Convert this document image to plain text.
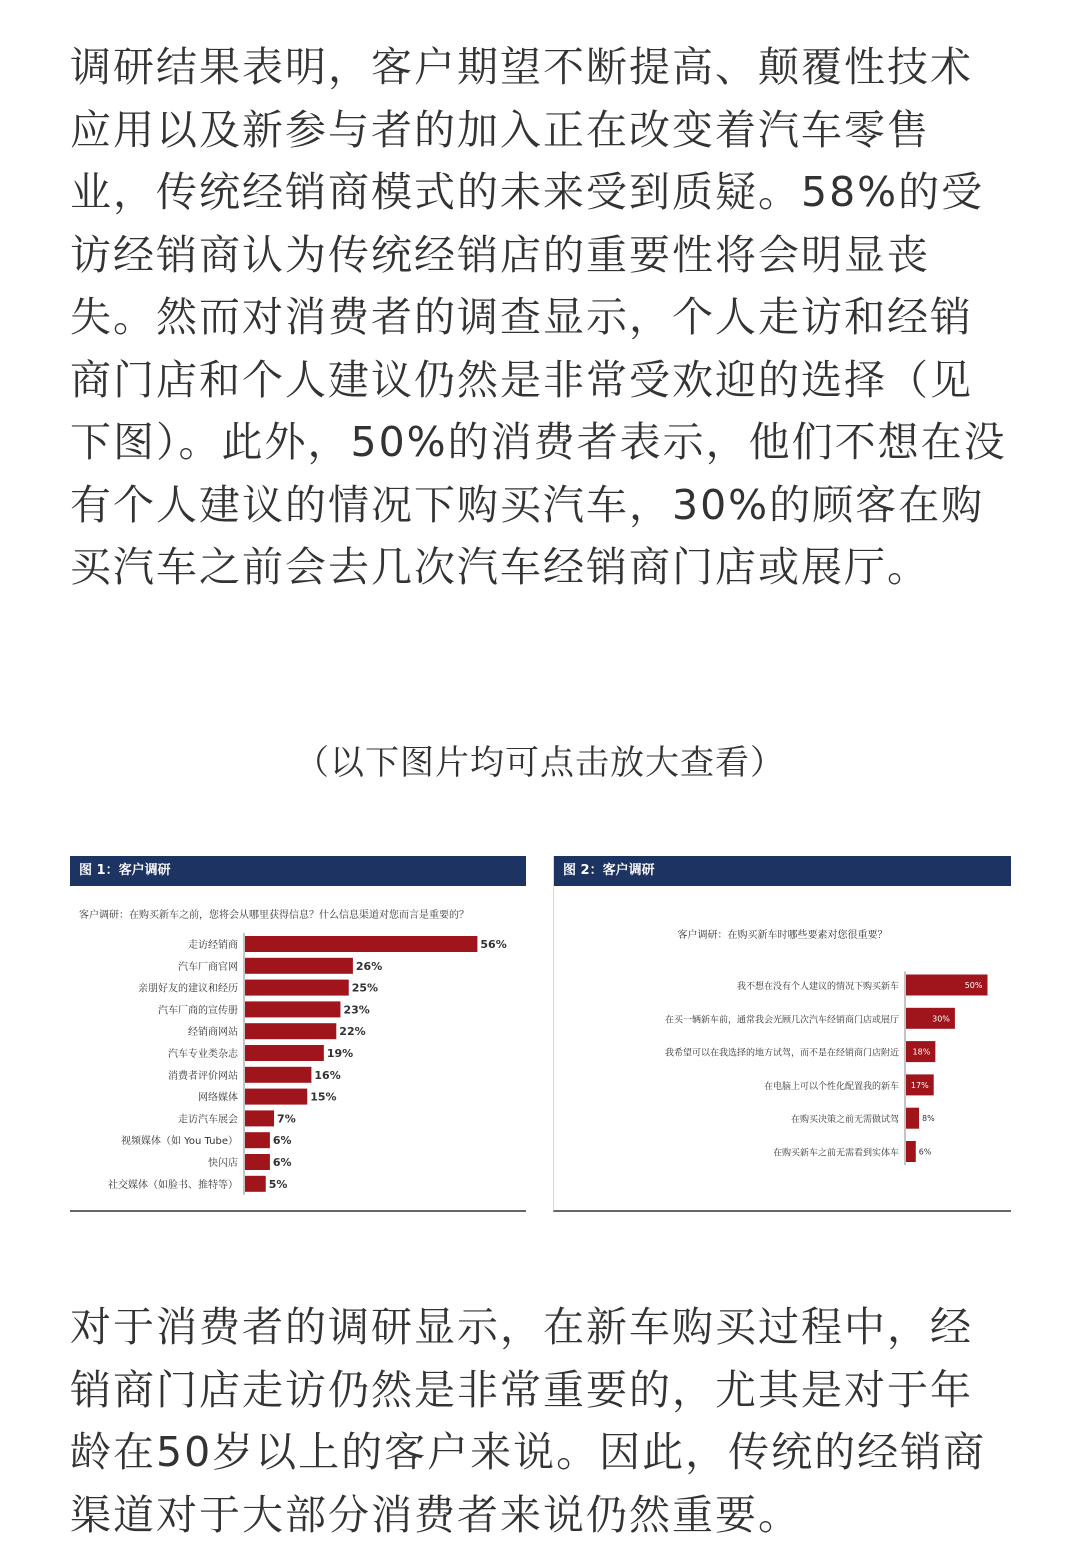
调研结果表明，客户期望不断提高、颠覆性技术应用以及新参与者的加入正在改变着汽车零售业，传统经销商模式的未来受到质疑。58%的受访经销商认为传统经销店的重要性将会明显丧失。然而对消费者的调查显示，个人走访和经销商门店和个人建议仍然是非常受欢迎的选择（见下图）。此外，50%的消费者表示，他们不想在没有个人建议的情况下购买汽车，30%的顾客在购买汽车之前会去几次汽车经销商门店或展厅。

（以下图片均可点击放大查看）
图 1：客户调研
客户调研：在购买新车之前，您将会从哪里获得信息？什么信息渠道对您而言是重要的？
走访经销商	56%
汽车厂商官网	26%
亲朋好友的建议和经历	25%
汽车厂商的宣传册	23%
经销商网站	22%
汽车专业类杂志	19%
消费者评价网站	16%
网络媒体	15%
走访汽车展会	7%
视频媒体（如 You Tube）	6%
快闪店	6%
社交媒体（如脸书、推特等）	5%
图 2：客户调研
客户调研：在购买新车时哪些要素对您很重要？
我不想在没有个人建议的情况下购买新车	50%
在买一辆新车前，通常我会光顾几次汽车经销商门店或展厅	30%
我希望可以在我选择的地方试驾，而不是在经销商门店附近 18%
在电脑上可以个性化配置我的新车 17%
在购买决策之前无需做试驾	8%
在购买新车之前无需看到实体车 6%

对于消费者的调研显示，在新车购买过程中，经销商门店走访仍然是非常重要的，尤其是对于年龄在50岁以上的客户来说。因此，传统的经销商渠道对于大部分消费者来说仍然重要。
